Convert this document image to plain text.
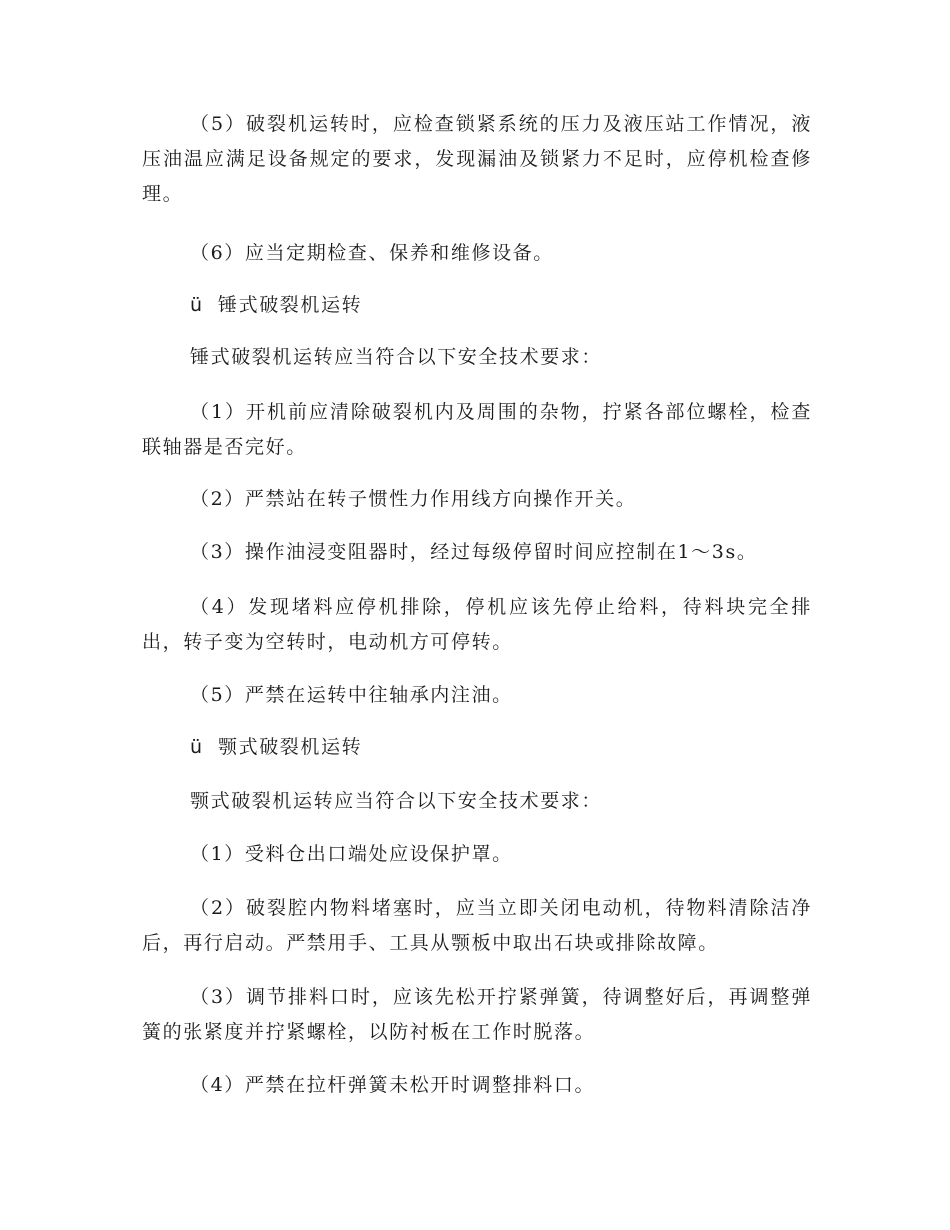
（5）破裂机运转时，应检查锁紧系统的压力及液压站工作情况，液压油温应满足设备规定的要求，发现漏油及锁紧力不足时，应停机检查修理。

（6）应当定期检查、保养和维修设备。

ü 锤式破裂机运转

锤式破裂机运转应当符合以下安全技术要求：

（1）开机前应清除破裂机内及周围的杂物，拧紧各部位螺栓，检查联轴器是否完好。

（2）严禁站在转子惯性力作用线方向操作开关。

（3）操作油浸变阻器时，经过每级停留时间应控制在1～3s。

（4）发现堵料应停机排除，停机应该先停止给料，待料块完全排出，转子变为空转时，电动机方可停转。

（5）严禁在运转中往轴承内注油。

ü 颚式破裂机运转

颚式破裂机运转应当符合以下安全技术要求：

（1）受料仓出口端处应设保护罩。

（2）破裂腔内物料堵塞时，应当立即关闭电动机，待物料清除洁净后，再行启动。严禁用手、工具从颚板中取出石块或排除故障。

（3）调节排料口时，应该先松开拧紧弹簧，待调整好后，再调整弹簧的张紧度并拧紧螺栓，以防衬板在工作时脱落。

（4）严禁在拉杆弹簧未松开时调整排料口。
